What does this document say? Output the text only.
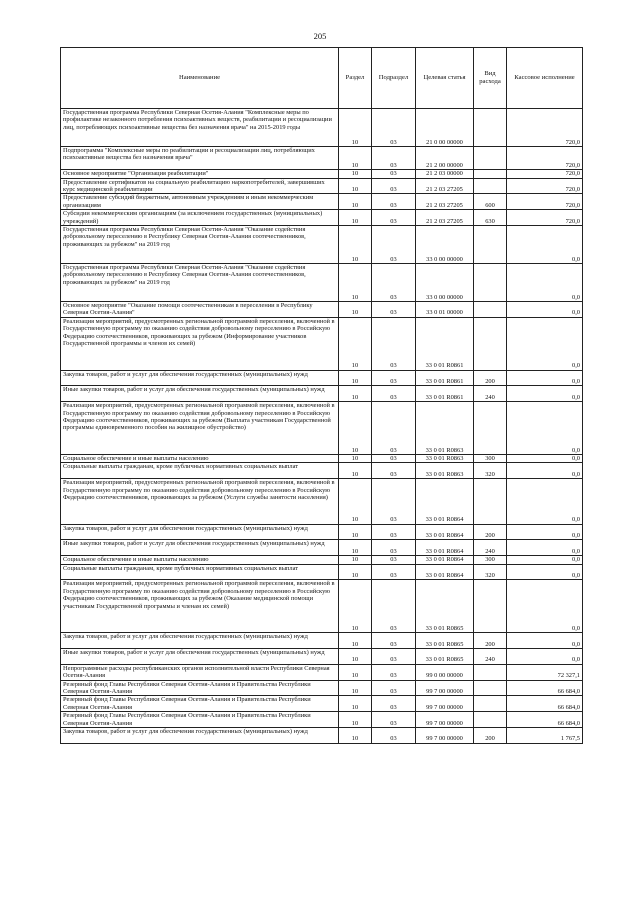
205
Наименование	Раздел	Подраздел	Целевая статья	Вид расхода	Кассовое исполнение
Государственная программа Республики Северная Осетия-Алания "Комплексные меры по профилактике незаконного потребления психоактивных веществ, реабилитации и ресоциализации лиц, потребляющих психоактивные вещества без назначения врача" на 2015-2019 годы	10	03	21 0 00 00000		720,0
Подпрограмма "Комплексные меры по реабилитации и ресоциализации лиц, потребляющих психоактивные вещества без назначения врача"	10	03	21 2 00 00000		720,0
Основное мероприятие "Организация реабилитации"	10	03	21 2 03 00000		720,0
Предоставление сертификатов на социальную реабилитацию наркопотребителей, завершивших курс медицинской реабилитации	10	03	21 2 03 27205		720,0
Предоставление субсидий бюджетным, автономным учреждениям и иным некоммерческим организациям	10	03	21 2 03 27205	600	720,0
Субсидии некоммерческим организациям (за исключением государственных (муниципальных) учреждений)	10	03	21 2 03 27205	630	720,0
Государственная программа Республики Северная Осетия-Алания "Оказание содействия добровольному переселению в Республику Северная Осетия-Алания соотечественников, проживающих за рубежом" на 2019 год	10	03	33 0 00 00000		0,0
Государственная программа Республики Северная Осетия-Алания "Оказание содействия добровольному переселению в Республику Северная Осетия-Алания соотечественников, проживающих за рубежом" на 2019 год	10	03	33 0 00 00000		0,0
Основное мероприятие "Оказание помощи соотечественникам в переселении в Республику Северная Осетия-Алания"	10	03	33 0 01 00000		0,0
Реализация мероприятий, предусмотренных региональной программой переселения, включенной в Государственную программу по оказанию содействия добровольному переселению в Российскую Федерацию соотечественников, проживающих за рубежом (Информирование участников Государственной программы и членов их семей)	10	03	33 0 01 R0861		0,0
Закупка товаров, работ и услуг для обеспечения государственных (муниципальных) нужд	10	03	33 0 01 R0861	200	0,0
Иные закупки товаров, работ и услуг для обеспечения государственных (муниципальных) нужд	10	03	33 0 01 R0861	240	0,0
Реализация мероприятий, предусмотренных региональной программой переселения, включенной в Государственную программу по оказанию содействия добровольному переселению в Российскую Федерацию соотечественников, проживающих за рубежом (Выплата участникам Государственной программы единовременного пособия на жилищное обустройство)	10	03	33 0 01 R0863		0,0
Социальное обеспечение и иные выплаты населению	10	03	33 0 01 R0863	300	0,0
Социальные выплаты гражданам, кроме публичных нормативных социальных выплат	10	03	33 0 01 R0863	320	0,0
Реализация мероприятий, предусмотренных региональной программой переселения, включенной в Государственную программу по оказанию содействия добровольному переселению в Российскую Федерацию соотечественников, проживающих за рубежом (Услуги службы занятости населения)	10	03	33 0 01 R0864		0,0
Закупка товаров, работ и услуг для обеспечения государственных (муниципальных) нужд	10	03	33 0 01 R0864	200	0,0
Иные закупки товаров, работ и услуг для обеспечения государственных (муниципальных) нужд	10	03	33 0 01 R0864	240	0,0
Социальное обеспечение и иные выплаты населению	10	03	33 0 01 R0864	300	0,0
Социальные выплаты гражданам, кроме публичных нормативных социальных выплат	10	03	33 0 01 R0864	320	0,0
Реализация мероприятий, предусмотренных региональной программой переселения, включенной в Государственную программу по оказанию содействия добровольному переселению в Российскую Федерацию соотечественников, проживающих за рубежом (Оказание медицинской помощи участникам Государственной программы и членам их семей)	10	03	33 0 01 R0865		0,0
Закупка товаров, работ и услуг для обеспечения государственных (муниципальных) нужд	10	03	33 0 01 R0865	200	0,0
Иные закупки товаров, работ и услуг для обеспечения государственных (муниципальных) нужд	10	03	33 0 01 R0865	240	0,0
Непрограммные расходы республиканских органов исполнительной власти Республики Северная Осетия-Алания	10	03	99 0 00 00000		72 327,1
Резервный фонд Главы Республики Северная Осетия-Алания и Правительства Республики Северная Осетия-Алания	10	03	99 7 00 00000		66 684,0
Резервный фонд Главы Республики Северная Осетия-Алания и Правительства Республики Северная Осетия-Алания	10	03	99 7 00 00000		66 684,0
Резервный фонд Главы Республики Северная Осетия-Алания и Правительства Республики Северная Осетия-Алания	10	03	99 7 00 00000		66 684,0
Закупка товаров, работ и услуг для обеспечения государственных (муниципальных) нужд	10	03	99 7 00 00000	200	1 767,5
